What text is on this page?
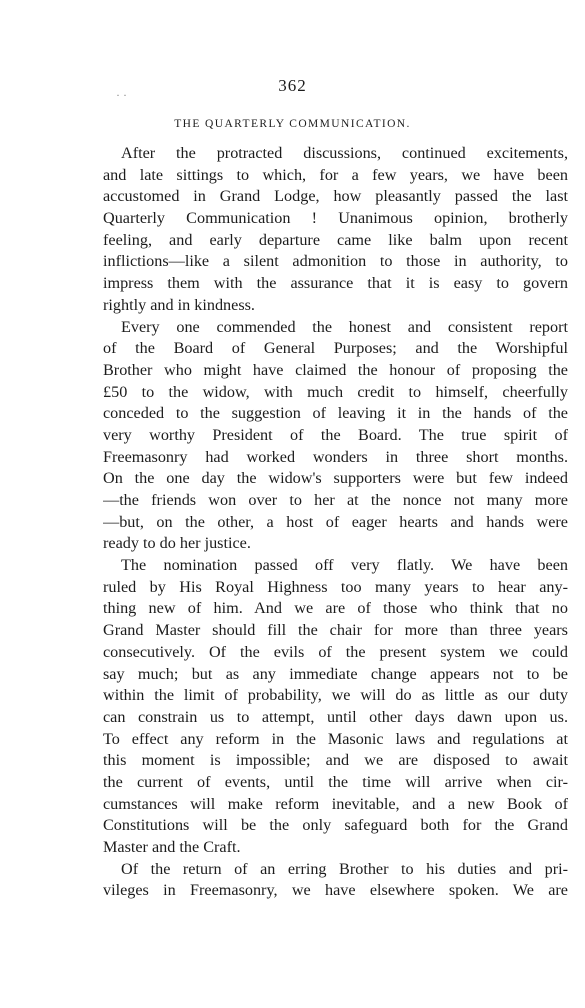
· ·	362
THE QUARTERLY COMMUNICATION.
After the protracted discussions, continued excitements,
and late sittings to which, for a few years, we have been
accustomed in Grand Lodge, how pleasantly passed the last
Quarterly Communication ! Unanimous opinion, brotherly
feeling, and early departure came like balm upon recent
inflictions—like a silent admonition to those in authority, to
impress them with the assurance that it is easy to govern
rightly and in kindness.
Every one commended the honest and consistent report
of the Board of General Purposes; and the Worshipful
Brother who might have claimed the honour of proposing the
£50 to the widow, with much credit to himself, cheerfully
conceded to the suggestion of leaving it in the hands of the
very worthy President of the Board. The true spirit of
Freemasonry had worked wonders in three short months.
On the one day the widow's supporters were but few indeed
—the friends won over to her at the nonce not many more
—but, on the other, a host of eager hearts and hands were
ready to do her justice.
The nomination passed off very flatly. We have been
ruled by His Royal Highness too many years to hear any-
thing new of him. And we are of those who think that no
Grand Master should fill the chair for more than three years
consecutively. Of the evils of the present system we could
say much; but as any immediate change appears not to be
within the limit of probability, we will do as little as our duty
can constrain us to attempt, until other days dawn upon us.
To effect any reform in the Masonic laws and regulations at
this moment is impossible; and we are disposed to await
the current of events, until the time will arrive when cir-
cumstances will make reform inevitable, and a new Book of
Constitutions will be the only safeguard both for the Grand
Master and the Craft.
Of the return of an erring Brother to his duties and pri-
vileges in Freemasonry, we have elsewhere spoken. We are
